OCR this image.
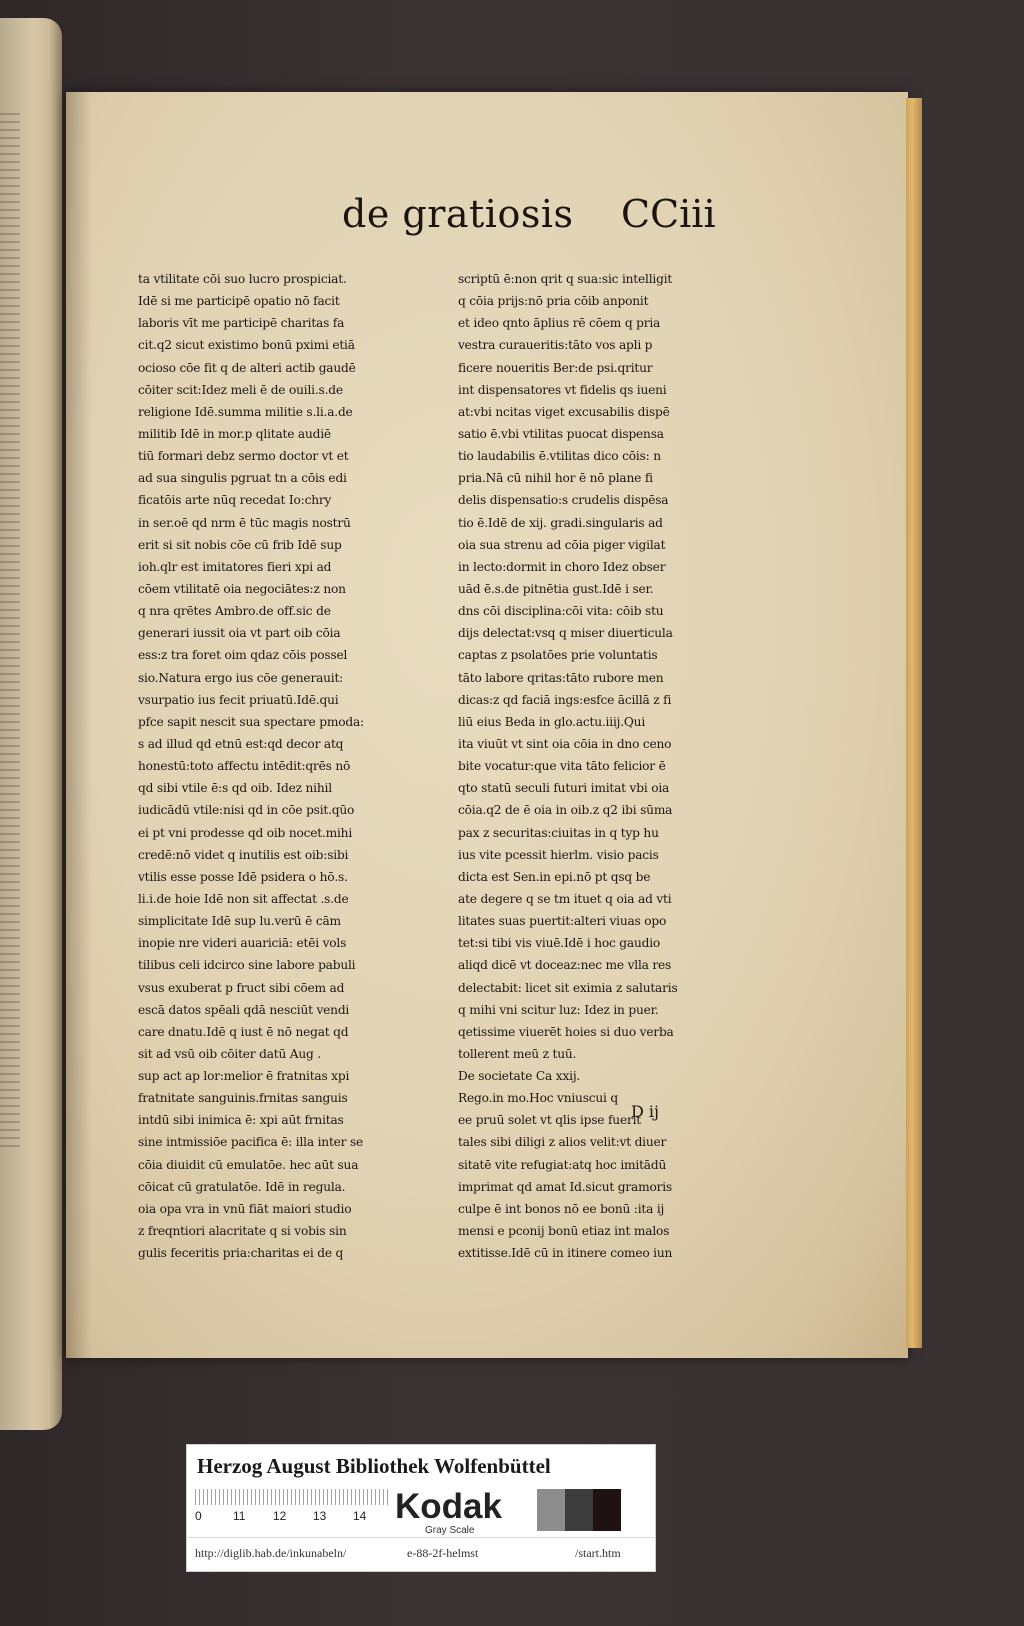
de gratiosis CCiii
ta vtilitate cōi suo lucro prospiciat.
Idē si me participē opatio nō facit
laboris vīt me participē charitas fa
cit.q2 sicut existimo bonū pximi etiā
ocioso cōe fit q de alteri actib gaudē
cōiter scit:Idez meli ē de ouili.s.de
religione Idē.summa militie s.li.a.de
militib Idē in mor.p qlitate audiē
tiū formari debz sermo doctor vt et
ad sua singulis pgruat tn a cōis edi
ficatōis arte nūq recedat Io:chry
in ser.oē qd nrm ē tūc magis nostrū
erit si sit nobis cōe cū frib Idē sup
ioh.qlr est imitatores fieri xpi ad
cōem vtilitatē oia negociātes:z non
q nra qrētes Ambro.de off.sic de
generari iussit oia vt part oib cōia
ess:z tra foret oim qdaz cōis possel
sio.Natura ergo ius cōe generauit:
vsurpatio ius fecit priuatū.Idē.qui
pfce sapit nescit sua spectare pmoda:
s ad illud qd etnū est:qd decor atq
honestū:toto affectu intēdit:qrēs nō
qd sibi vtile ē:s qd oib. Idez nihil
iudicādū vtile:nisi qd in cōe psit.qūo
ei pt vni prodesse qd oib nocet.mihi
credē:nō videt q inutilis est oib:sibi
vtilis esse posse Idē psidera o hō.s.
li.i.de hoie Idē non sit affectat .s.de
simplicitate Idē sup lu.verū ē cām
inopie nre videri auariciā: etēi vols
tilibus celi idcirco sine labore pabuli
vsus exuberat p fruct sibi cōem ad
escā datos spēali qdā nesciūt vendi
care dnatu.Idē q iust ē nō negat qd
sit ad vsū oib cōiter datū Aug .
sup act ap lor:melior ē fratnitas xpi
fratnitate sanguinis.frnitas sanguis
intdū sibi inimica ē: xpi aūt frnitas
sine intmissiōe pacifica ē: illa inter se
cōia diuidit cū emulatōe. hec aūt sua
cōicat cū gratulatōe. Idē in regula.
oia opa vra in vnū fiāt maiori studio
z freqntiori alacritate q si vobis sin
gulis feceritis pria:charitas ei de q
scriptū ē:non qrit q sua:sic intelligit
q cōia prijs:nō pria cōib anponit
et ideo qnto āplius rē cōem q pria
vestra curaueritis:tāto vos apli p
ficere noueritis Ber:de psi.qritur
int dispensatores vt fidelis qs iueni
at:vbi ncitas viget excusabilis dispē
satio ē.vbi vtilitas puocat dispensa
tio laudabilis ē.vtilitas dico cōis: n
pria.Nā cū nihil hor ē nō plane fi
delis dispensatio:s crudelis dispēsa
tio ē.Idē de xij. gradi.singularis ad
oia sua strenu ad cōia piger vigilat
in lecto:dormit in choro Idez obser
uād ē.s.de pitnētia gust.Idē i ser.
dns cōi disciplina:cōi vita: cōib stu
dijs delectat:vsq q miser diuerticula
captas z psolatōes prie voluntatis
tāto labore qritas:tāto rubore men
dicas:z qd faciā ings:esfce ācillā z fi
liū eius Beda in glo.actu.iiij.Qui
ita viuūt vt sint oia cōia in dno ceno
bite vocatur:que vita tāto felicior ē
qto statū seculi futuri imitat vbi oia
cōia.q2 de ē oia in oib.z q2 ibi sūma
pax z securitas:ciuitas in q typ hu
ius vite pcessit hierlm. visio pacis
dicta est Sen.in epi.nō pt qsq be
ate degere q se tm ituet q oia ad vti
litates suas puertit:alteri viuas opo
tet:si tibi vis viuē.Idē i hoc gaudio
aliqd dicē vt doceaz:nec me vlla res
delectabit: licet sit eximia z salutaris
q mihi vni scitur luz: Idez in puer.
qetissime viuerēt hoies si duo verba
tollerent meū z tuū.
De societate Ca xxij.
Rego.in mo.Hoc vniuscui q
ee pruū solet vt qlis ipse fuerit
tales sibi diligi z alios velit:vt diuer
sitatē vite refugiat:atq hoc imitādū
imprimat qd amat Id.sicut gramoris
culpe ē int bonos nō ee bonū :ita ij
mensi e pconij bonū etiaz int malos
extitisse.Idē cū in itinere comeo iun
D ij
Herzog August Bibliothek Wolfenbüttel
0	11 12 13 14 Kodak
Gray Scale
http://diglib.hab.de/inkunabeln/	e-88-2f-helmst	/start.htm
